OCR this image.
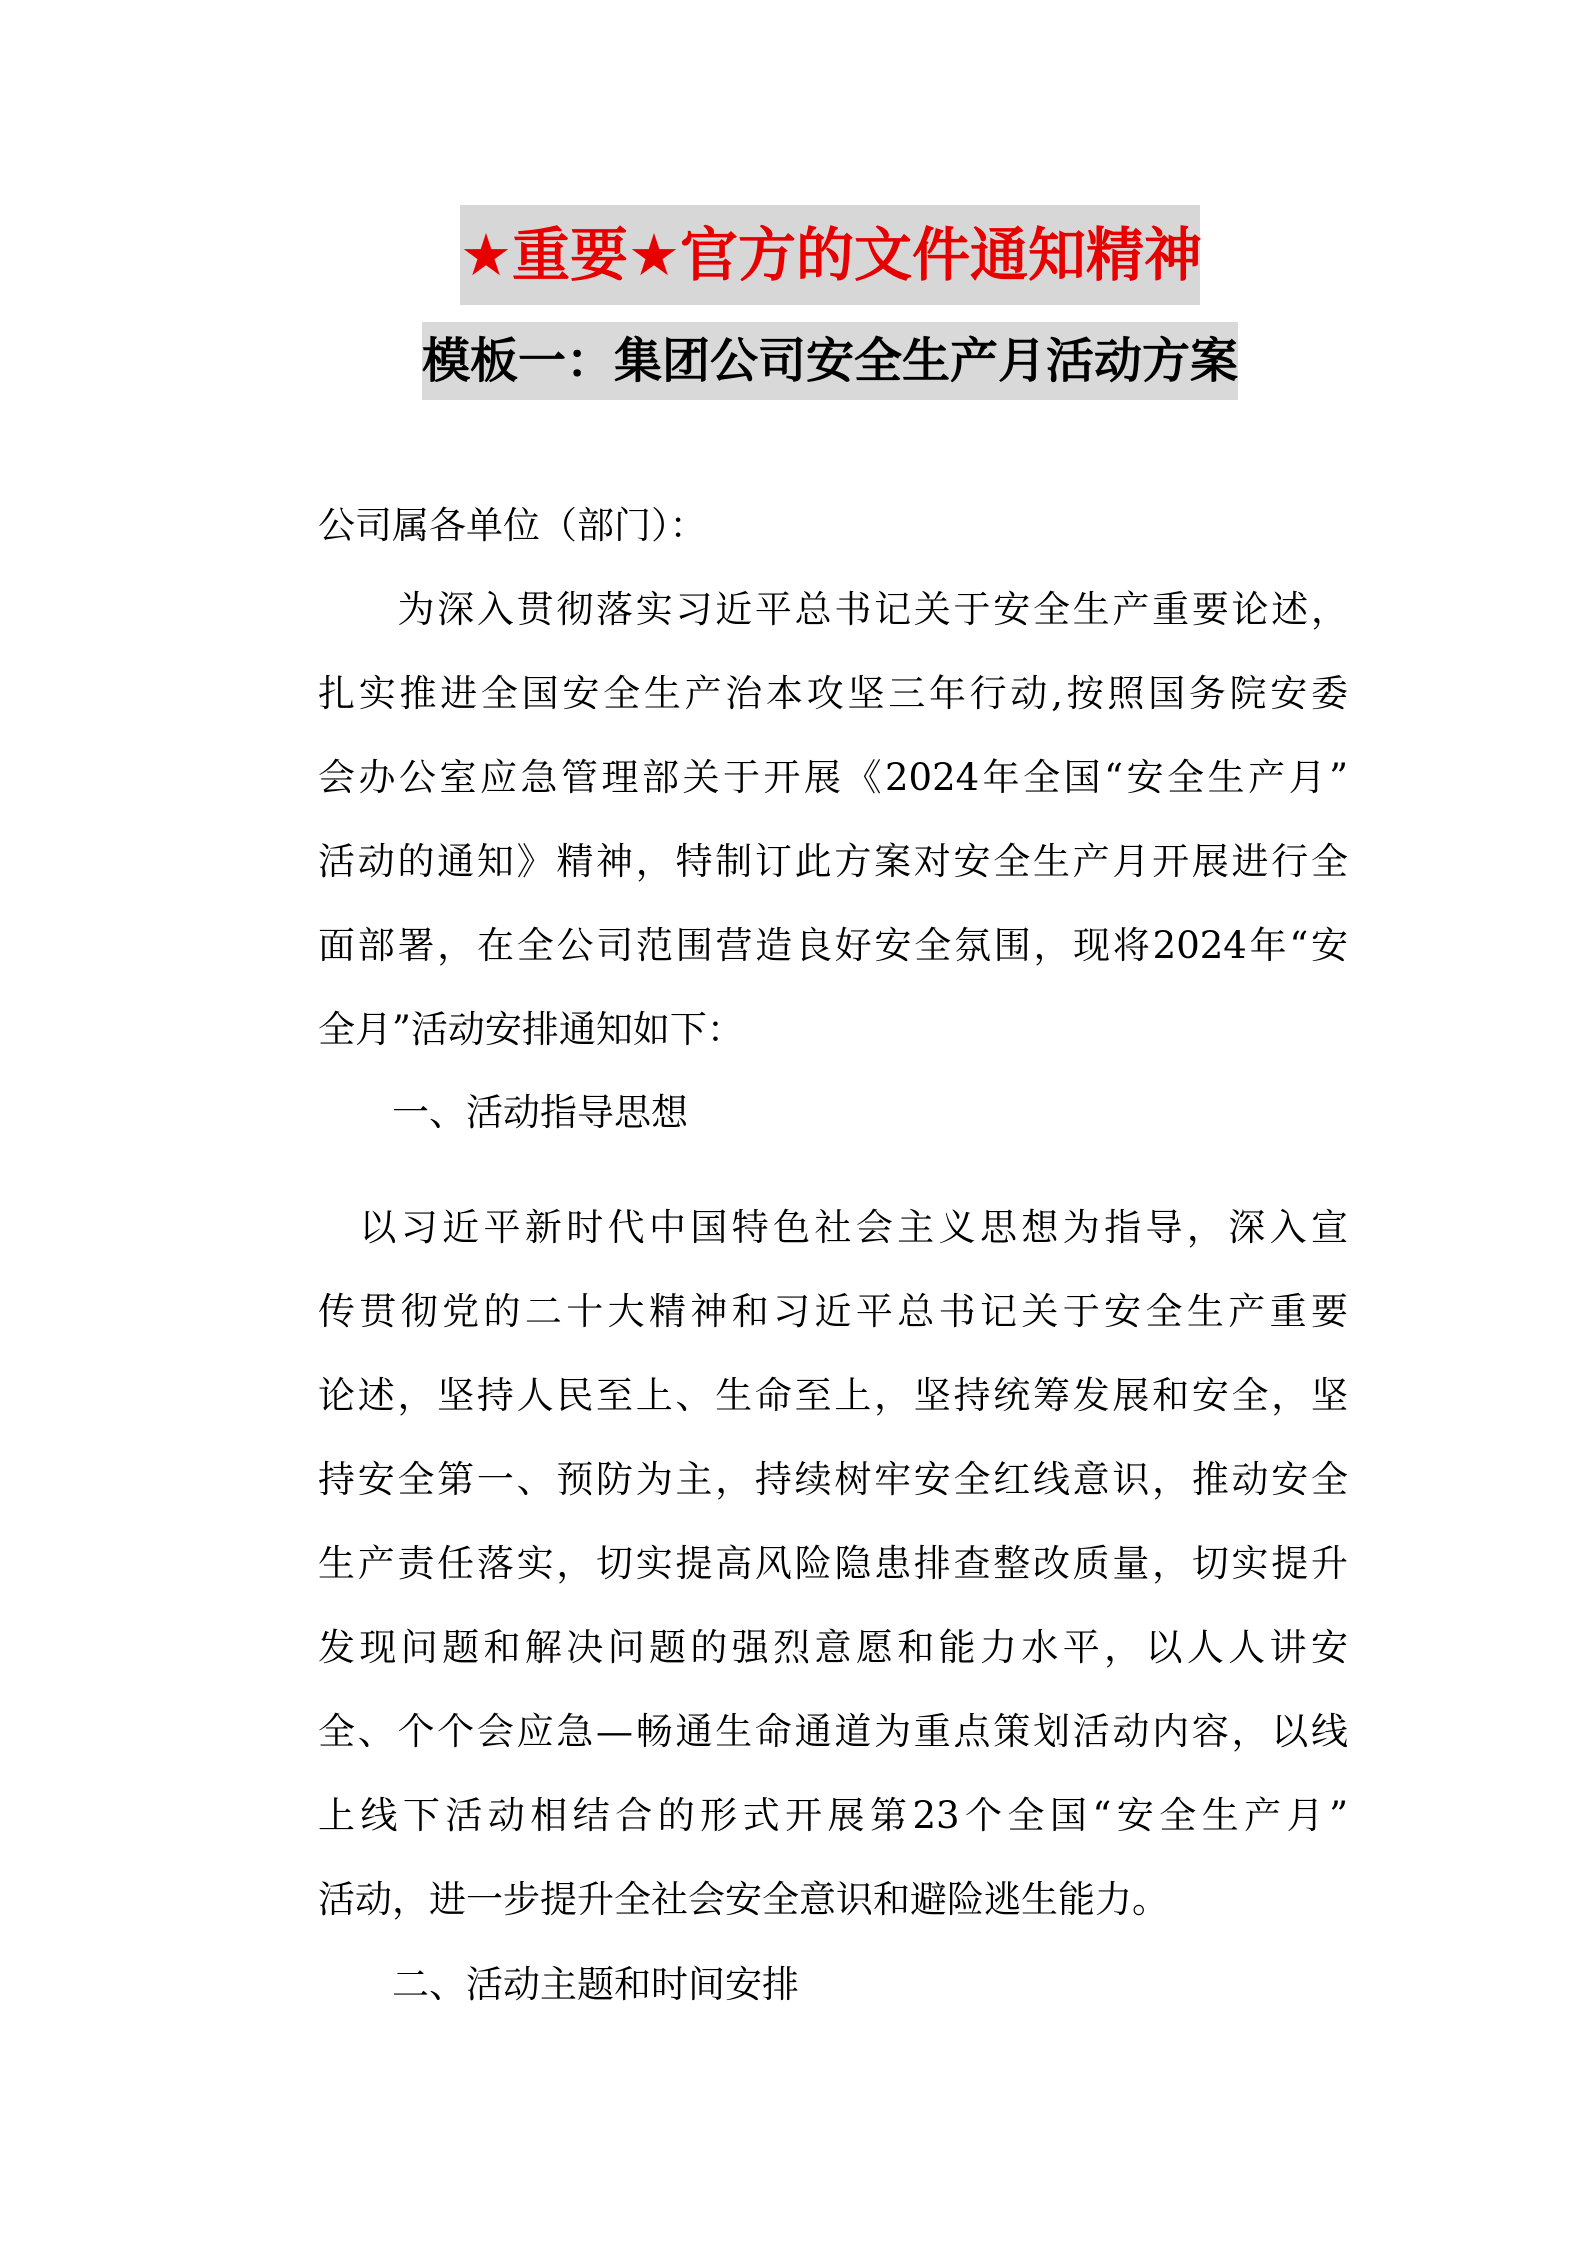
★重要★官方的文件通知精神
模板一：集团公司安全生产月活动方案
公司属各单位（部门）：
　　为深入贯彻落实习近平总书记关于安全生产重要论述，
扎实推进全国安全生产治本攻坚三年行动,按照国务院安委
会办公室应急管理部关于开展《2024年全国“安全生产月”
活动的通知》精神，特制订此方案对安全生产月开展进行全
面部署，在全公司范围营造良好安全氛围，现将2024年“安
全月”活动安排通知如下：
　　一、活动指导思想
　以习近平新时代中国特色社会主义思想为指导，深入宣
传贯彻党的二十大精神和习近平总书记关于安全生产重要
论述，坚持人民至上、生命至上，坚持统筹发展和安全，坚
持安全第一、预防为主，持续树牢安全红线意识，推动安全
生产责任落实，切实提高风险隐患排查整改质量，切实提升
发现问题和解决问题的强烈意愿和能力水平，以人人讲安
全、个个会应急—畅通生命通道为重点策划活动内容，以线
上线下活动相结合的形式开展第23个全国“安全生产月”
活动，进一步提升全社会安全意识和避险逃生能力。
　　二、活动主题和时间安排
